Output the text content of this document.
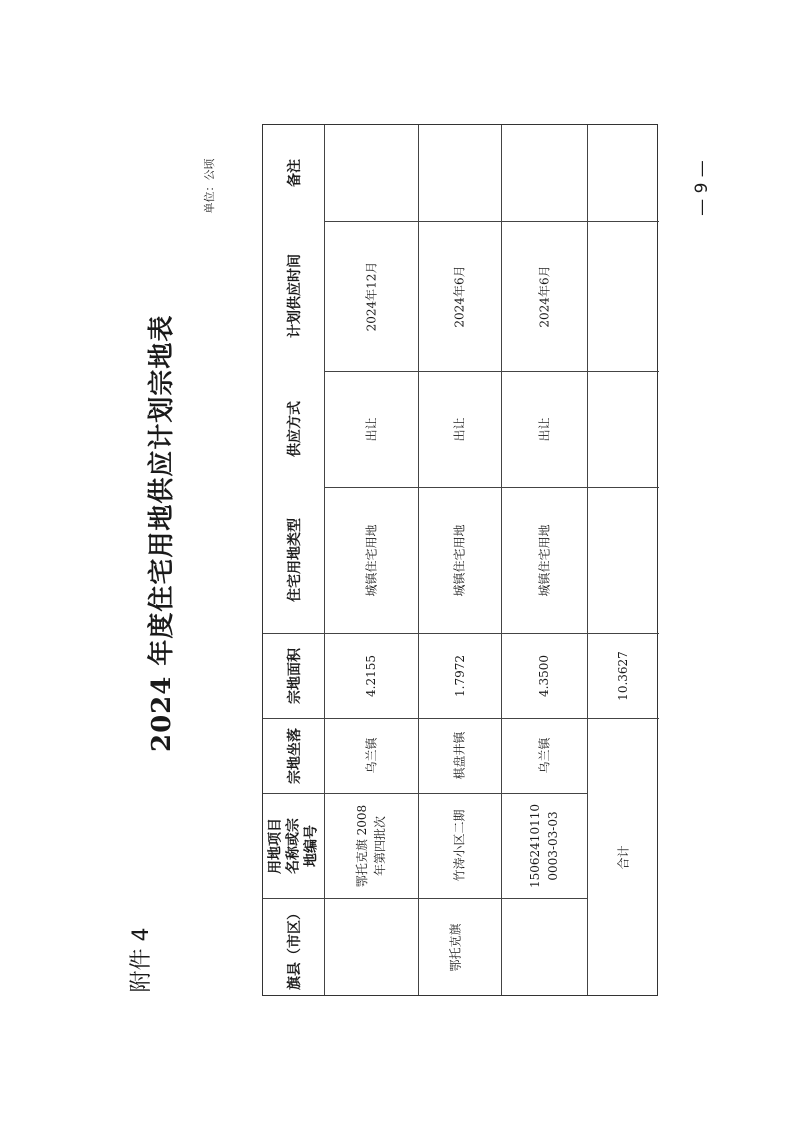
附件 4
2024 年度住宅用地供应计划宗地表
单位：公顷	— 9 —
旗县（市区）
用地项目名称或宗地编号
宗地坐落
宗地面积
住宅用地类型
供应方式
计划供应时间
备注
鄂托克旗
鄂托克旗 2008 年第四批次
乌兰镇
4.2155
城镇住宅用地
出让
2024年12月
竹涛小区二期
棋盘井镇
1.7972
城镇住宅用地
出让
2024年6月
150624101100003-03-03
乌兰镇
4.3500
城镇住宅用地
出让
2024年6月
合计
10.3627
